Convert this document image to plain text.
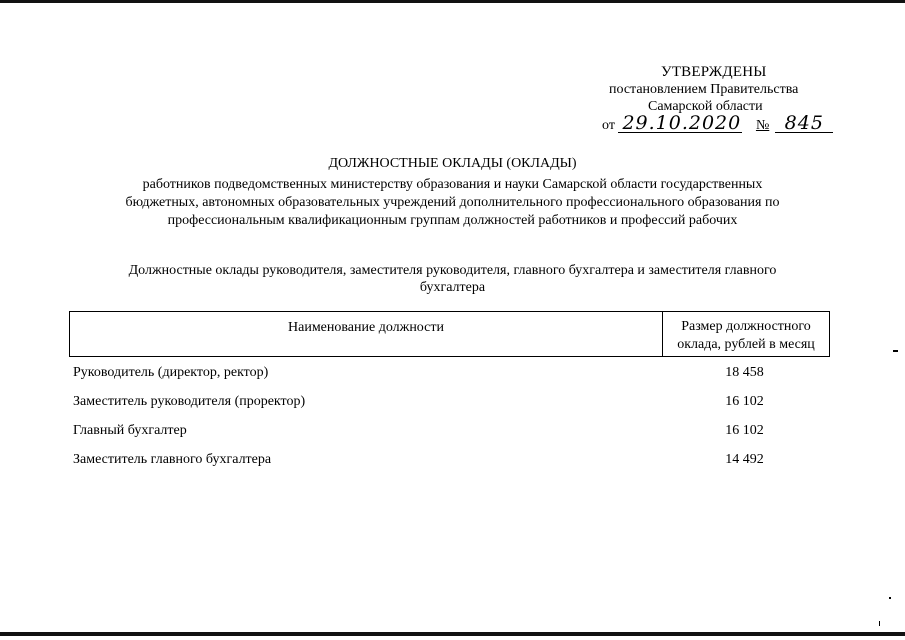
УТВЕРЖДЕНЫ
постановлением Правительства
Самарской области
от 29.10.2020 № 845
ДОЛЖНОСТНЫЕ ОКЛАДЫ (ОКЛАДЫ)
работников подведомственных министерству образования и науки Самарской области государственных
бюджетных, автономных образовательных учреждений дополнительного профессионального образования по
профессиональным квалификационным группам должностей работников и профессий рабочих
Должностные оклады руководителя, заместителя руководителя, главного бухгалтера и заместителя главного
бухгалтера
Наименование должности	Размер должностного
оклада, рублей в месяц
Руководитель (директор, ректор)	18 458
Заместитель руководителя (проректор)	16 102
Главный бухгалтер	16 102
Заместитель главного бухгалтера	14 492
